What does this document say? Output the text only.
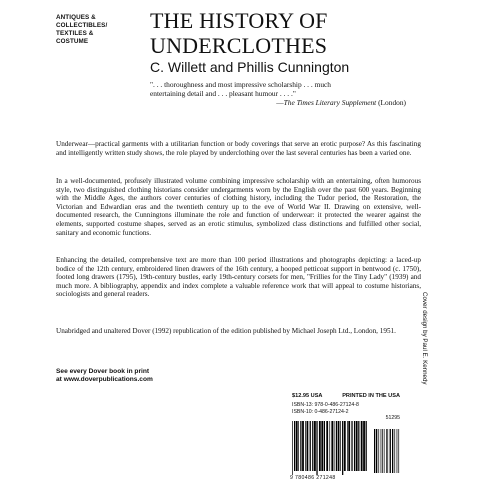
ANTIQUES &
COLLECTIBLES/
TEXTILES &
COSTUME
THE HISTORY OF
UNDERCLOTHES
C. Willett and Phillis Cunnington
". . . thoroughness and most impressive scholarship . . . much
entertaining detail and . . . pleasant humour . . . ."
—The Times Literary Supplement (London)

Underwear—practical garments with a utilitarian function or body coverings that serve an erotic purpose? As this fascinating and intelligently written study shows, the role played by underclothing over the last several centuries has been a varied one.

In a well-documented, profusely illustrated volume combining impressive scholarship with an entertaining, often humorous style, two distinguished clothing historians consider undergarments worn by the English over the past 600 years. Beginning with the Middle Ages, the authors cover centuries of clothing history, including the Tudor period, the Restoration, the Victorian and Edwardian eras and the twentieth century up to the eve of World War II. Drawing on extensive, well-documented research, the Cunningtons illuminate the role and function of underwear: it protected the wearer against the elements, supported costume shapes, served as an erotic stimulus, symbolized class distinctions and fulfilled other social, sanitary and economic functions.

Enhancing the detailed, comprehensive text are more than 100 period illustrations and photographs depicting: a laced-up bodice of the 12th century, embroidered linen drawers of the 16th century, a hooped petticoat support in bentwood (c. 1750), footed long drawers (1795), 19th-century bustles, early 19th-century corsets for men, "Frillies for the Tiny Lady" (1939) and much more. A bibliography, appendix and index complete a valuable reference work that will appeal to costume historians, sociologists and general readers.

Unabridged and unaltered Dover (1992) republication of the edition published by Michael Joseph Ltd., London, 1951.

See every Dover book in print
at www.doverpublications.com	Cover design by Paul E. Kennedy
$12.95 USA	PRINTED IN THE USA
ISBN-13: 978-0-486-27124-8
ISBN-10: 0-486-27124-2
51295
9 780486 271248
